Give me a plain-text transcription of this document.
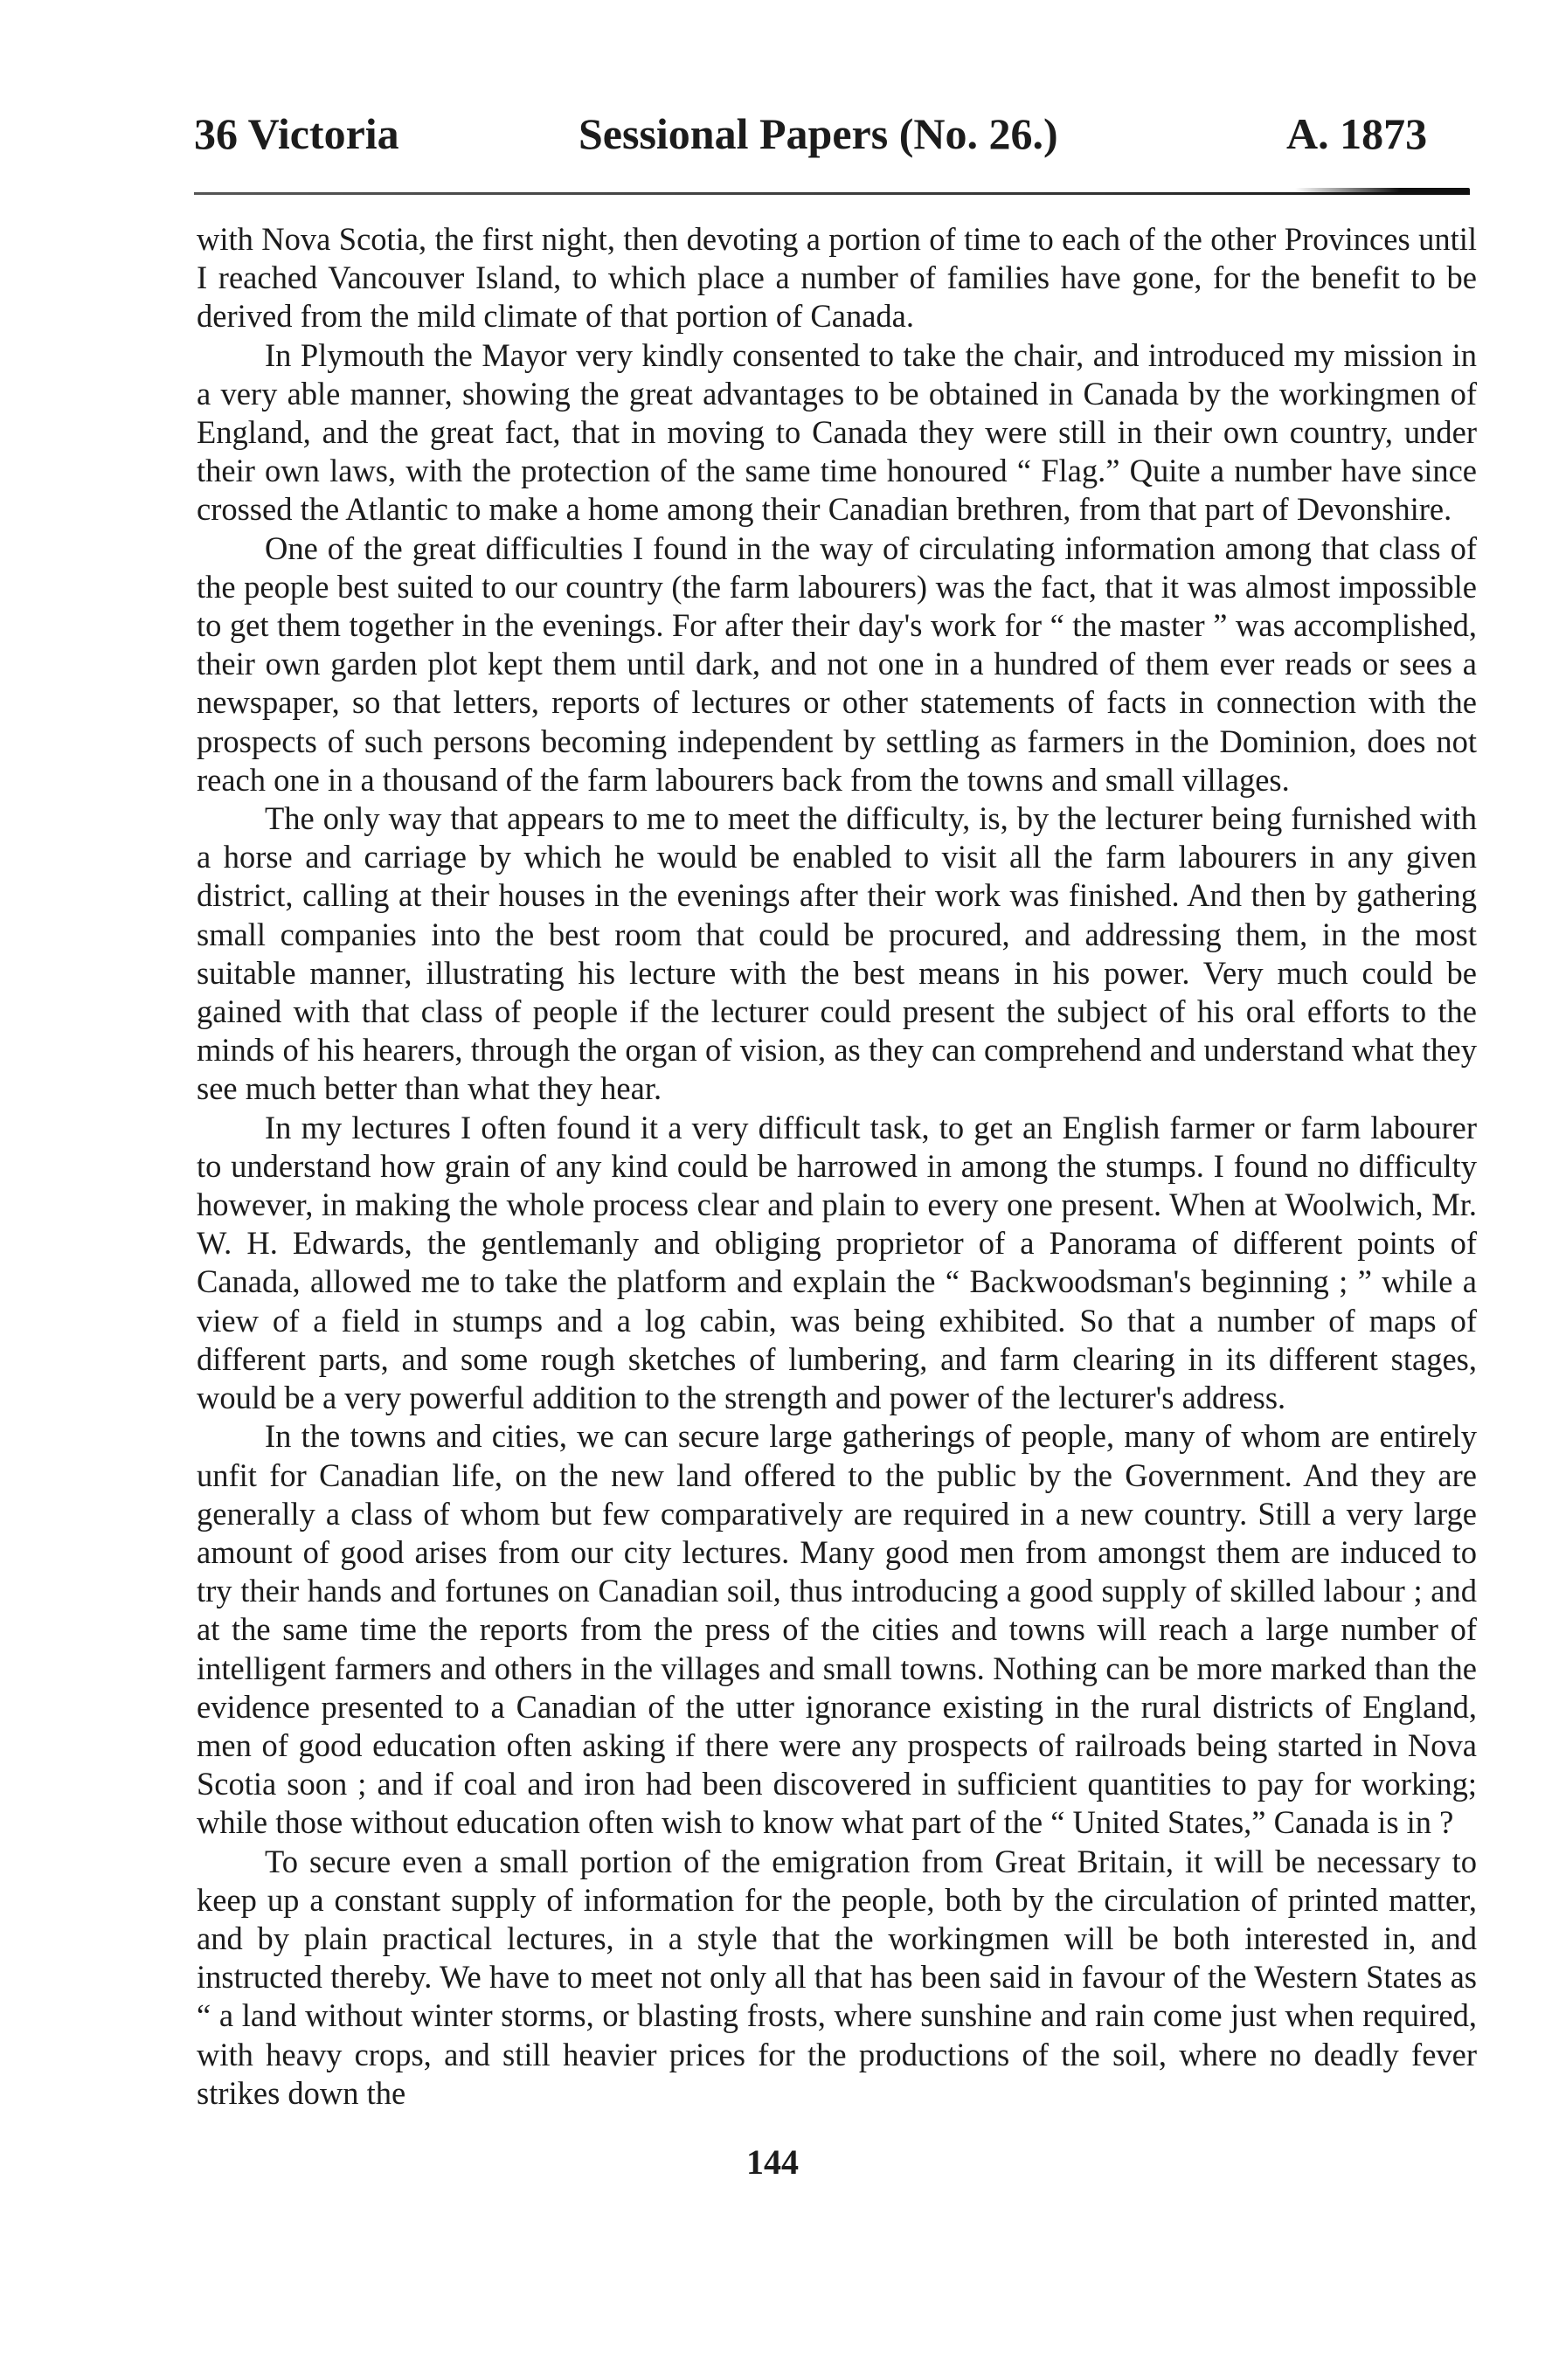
36 Victoria	Sessional Papers (No. 26.)	A. 1873

with Nova Scotia, the first night, then devoting a portion of time to each of the other Provinces until I reached Vancouver Island, to which place a number of families have gone, for the benefit to be derived from the mild climate of that portion of Canada.

In Plymouth the Mayor very kindly consented to take the chair, and introduced my mission in a very able manner, showing the great advantages to be obtained in Canada by the workingmen of England, and the great fact, that in moving to Canada they were still in their own country, under their own laws, with the protection of the same time honoured “ Flag.” Quite a number have since crossed the Atlantic to make a home among their Canadian brethren, from that part of Devonshire.

One of the great difficulties I found in the way of circulating information among that class of the people best suited to our country (the farm labourers) was the fact, that it was almost impossible to get them together in the evenings. For after their day's work for “ the master ” was accomplished, their own garden plot kept them until dark, and not one in a hundred of them ever reads or sees a newspaper, so that letters, reports of lectures or other statements of facts in connection with the prospects of such persons becoming independent by settling as farmers in the Dominion, does not reach one in a thousand of the farm labourers back from the towns and small villages.

The only way that appears to me to meet the difficulty, is, by the lecturer being furnished with a horse and carriage by which he would be enabled to visit all the farm labourers in any given district, calling at their houses in the evenings after their work was finished. And then by gathering small companies into the best room that could be procured, and addressing them, in the most suitable manner, illustrating his lecture with the best means in his power. Very much could be gained with that class of people if the lecturer could present the subject of his oral efforts to the minds of his hearers, through the organ of vision, as they can comprehend and understand what they see much better than what they hear.

In my lectures I often found it a very difficult task, to get an English farmer or farm labourer to understand how grain of any kind could be harrowed in among the stumps. I found no difficulty however, in making the whole process clear and plain to every one present. When at Woolwich, Mr. W. H. Edwards, the gentlemanly and obliging proprietor of a Panorama of different points of Canada, allowed me to take the platform and explain the “ Backwoodsman's beginning ; ” while a view of a field in stumps and a log cabin, was being exhibited. So that a number of maps of different parts, and some rough sketches of lumbering, and farm clearing in its different stages, would be a very powerful addition to the strength and power of the lecturer's address.

In the towns and cities, we can secure large gatherings of people, many of whom are entirely unfit for Canadian life, on the new land offered to the public by the Government. And they are generally a class of whom but few comparatively are required in a new country. Still a very large amount of good arises from our city lectures. Many good men from amongst them are induced to try their hands and fortunes on Canadian soil, thus introducing a good supply of skilled labour ; and at the same time the reports from the press of the cities and towns will reach a large number of intelligent farmers and others in the villages and small towns. Nothing can be more marked than the evidence presented to a Canadian of the utter ignorance existing in the rural districts of England, men of good education often asking if there were any prospects of railroads being started in Nova Scotia soon ; and if coal and iron had been discovered in sufficient quantities to pay for working; while those without education often wish to know what part of the “ United States,” Canada is in ?

To secure even a small portion of the emigration from Great Britain, it will be necessary to keep up a constant supply of information for the people, both by the circulation of printed matter, and by plain practical lectures, in a style that the workingmen will be both interested in, and instructed thereby. We have to meet not only all that has been said in favour of the Western States as “ a land without winter storms, or blasting frosts, where sunshine and rain come just when required, with heavy crops, and still heavier prices for the productions of the soil, where no deadly fever strikes down the

144
